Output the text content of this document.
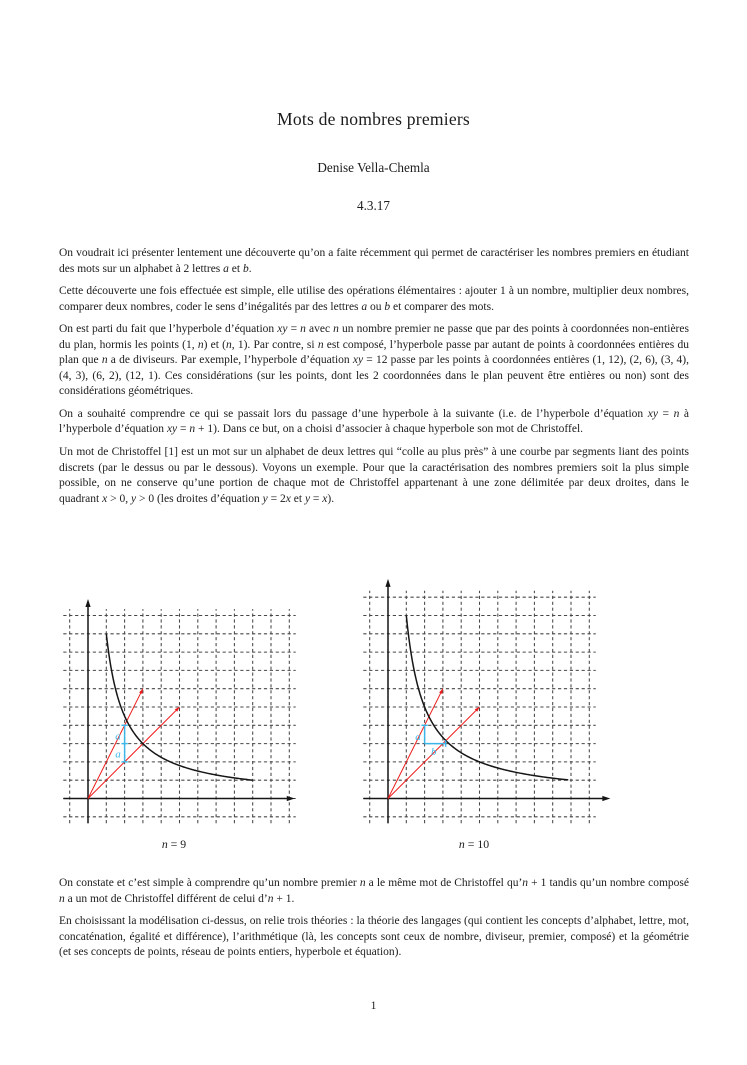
Mots de nombres premiers
Denise Vella-Chemla
4.3.17
On voudrait ici présenter lentement une découverte qu’on a faite récemment qui permet de caractériser les nombres premiers en étudiant des mots sur un alphabet à 2 lettres a et b.
Cette découverte une fois effectuée est simple, elle utilise des opérations élémentaires : ajouter 1 à un nombre, multiplier deux nombres, comparer deux nombres, coder le sens d’inégalités par des lettres a ou b et comparer des mots.
On est parti du fait que l’hyperbole d’équation xy = n avec n un nombre premier ne passe que par des points à coordonnées non-entières du plan, hormis les points (1, n) et (n, 1). Par contre, si n est composé, l’hyperbole passe par autant de points à coordonnées entières du plan que n a de diviseurs. Par exemple, l’hyperbole d’équation xy = 12 passe par les points à coordonnées entières (1, 12), (2, 6), (3, 4), (4, 3), (6, 2), (12, 1). Ces considérations (sur les points, dont les 2 coordonnées dans le plan peuvent être entières ou non) sont des considérations géométriques.
On a souhaité comprendre ce qui se passait lors du passage d’une hyperbole à la suivante (i.e. de l’hyperbole d’équation xy = n à l’hyperbole d’équation xy = n + 1). Dans ce but, on a choisi d’associer à chaque hyperbole son mot de Christoffel.
Un mot de Christoffel [1] est un mot sur un alphabet de deux lettres qui “colle au plus près” à une courbe par segments liant des points discrets (par le dessus ou par le dessous). Voyons un exemple. Pour que la caractérisation des nombres premiers soit la plus simple possible, on ne conserve qu’une portion de chaque mot de Christoffel appartenant à une zone délimitée par deux droites, dans le quadrant x > 0, y > 0 (les droites d’équation y = 2x et y = x).
a
a	a
b
n = 9	n = 10
On constate et c’est simple à comprendre qu’un nombre premier n a le même mot de Christoffel qu’n + 1 tandis qu’un nombre composé n a un mot de Christoffel différent de celui d’n + 1.
En choisissant la modélisation ci-dessus, on relie trois théories : la théorie des langages (qui contient les concepts d’alphabet, lettre, mot, concaténation, égalité et différence), l’arithmétique (là, les concepts sont ceux de nombre, diviseur, premier, composé) et la géométrie (et ses concepts de points, réseau de points entiers, hyperbole et équation).
1
